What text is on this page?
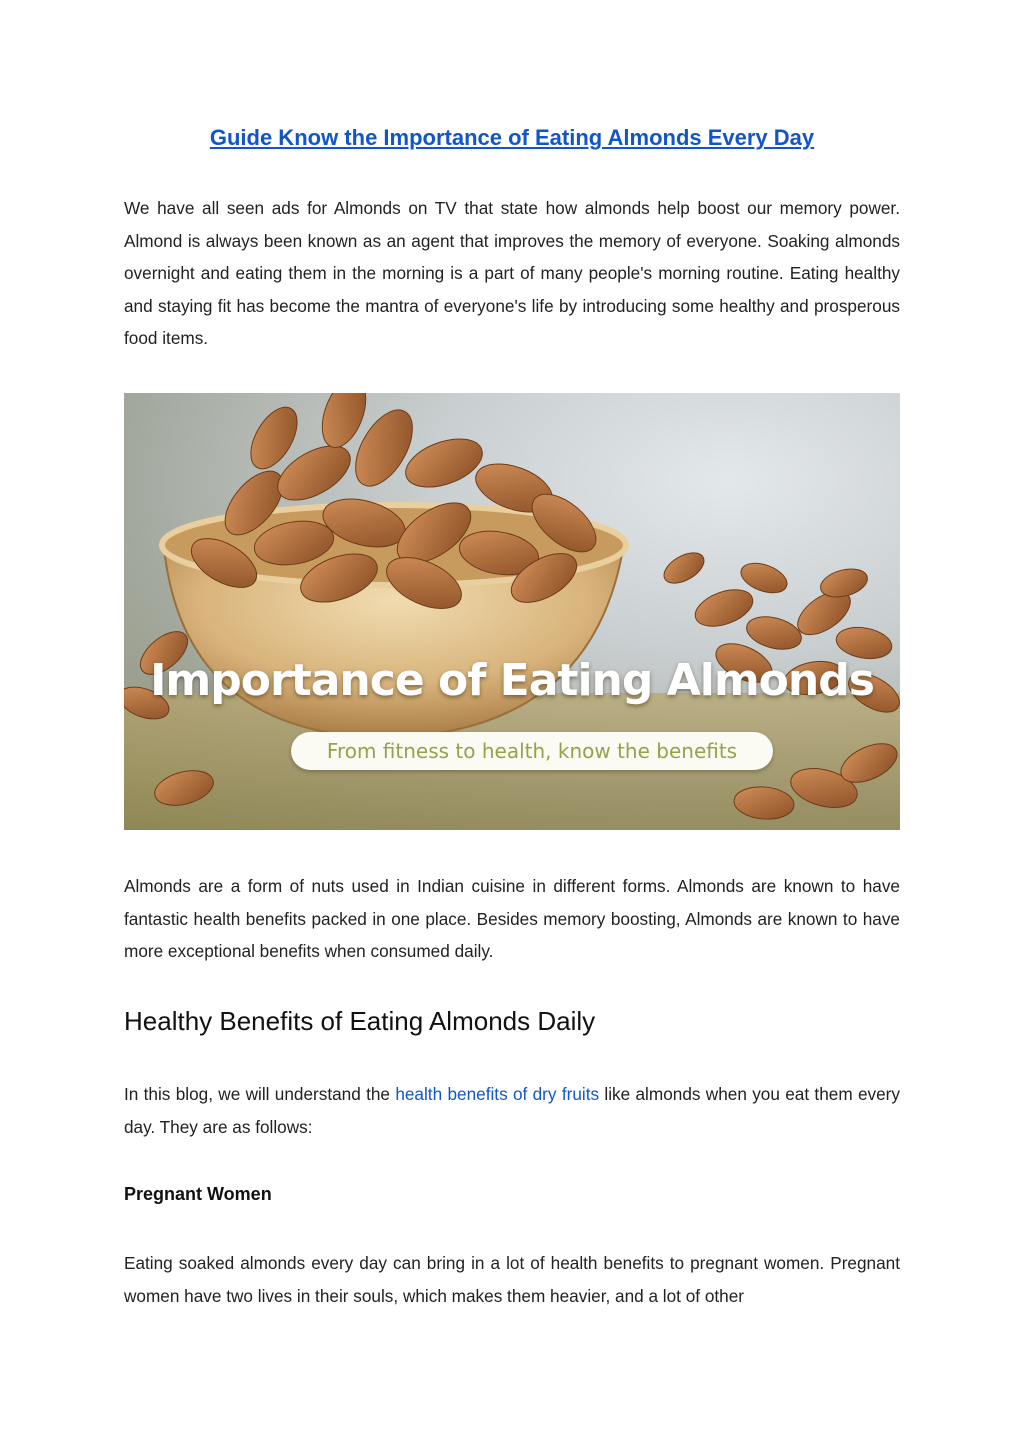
Guide Know the Importance of Eating Almonds Every Day

We have all seen ads for Almonds on TV that state how almonds help boost our memory power. Almond is always been known as an agent that improves the memory of everyone. Soaking almonds overnight and eating them in the morning is a part of many people's morning routine. Eating healthy and staying fit has become the mantra of everyone's life by introducing some healthy and prosperous food items.

Importance of Eating Almonds
From fitness to health, know the benefits

Almonds are a form of nuts used in Indian cuisine in different forms. Almonds are known to have fantastic health benefits packed in one place. Besides memory boosting, Almonds are known to have more exceptional benefits when consumed daily.

Healthy Benefits of Eating Almonds Daily

In this blog, we will understand the health benefits of dry fruits like almonds when you eat them every day. They are as follows:

Pregnant Women

Eating soaked almonds every day can bring in a lot of health benefits to pregnant women. Pregnant women have two lives in their souls, which makes them heavier, and a lot of other
